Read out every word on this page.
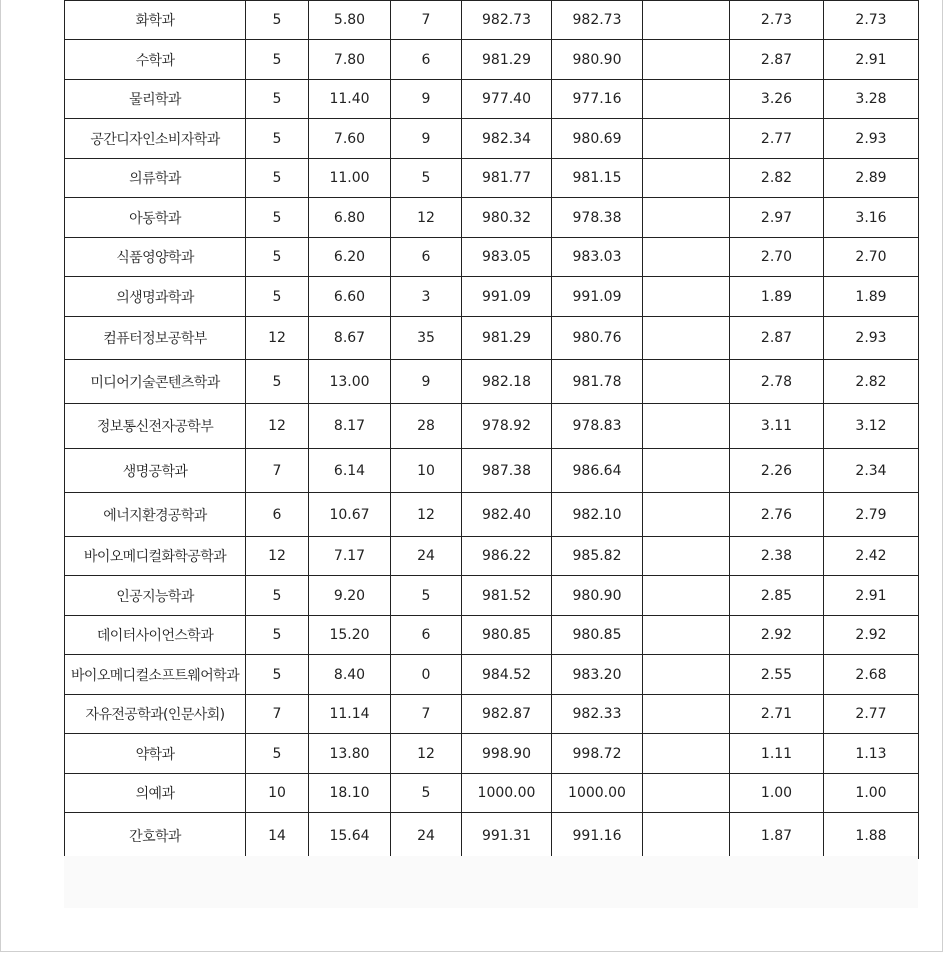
화학과	5	5.80	7	982.73	982.73		2.73	2.73
수학과	5	7.80	6	981.29	980.90		2.87	2.91
물리학과	5	11.40	9	977.40	977.16		3.26	3.28
공간디자인소비자학과	5	7.60	9	982.34	980.69		2.77	2.93
의류학과	5	11.00	5	981.77	981.15		2.82	2.89
아동학과	5	6.80	12	980.32	978.38		2.97	3.16
식품영양학과	5	6.20	6	983.05	983.03		2.70	2.70
의생명과학과	5	6.60	3	991.09	991.09		1.89	1.89
컴퓨터정보공학부	12	8.67	35	981.29	980.76		2.87	2.93
미디어기술콘텐츠학과	5	13.00	9	982.18	981.78		2.78	2.82
정보통신전자공학부	12	8.17	28	978.92	978.83		3.11	3.12
생명공학과	7	6.14	10	987.38	986.64		2.26	2.34
에너지환경공학과	6	10.67	12	982.40	982.10		2.76	2.79
바이오메디컬화학공학과	12	7.17	24	986.22	985.82		2.38	2.42
인공지능학과	5	9.20	5	981.52	980.90		2.85	2.91
데이터사이언스학과	5	15.20	6	980.85	980.85		2.92	2.92
바이오메디컬소프트웨어학과	5	8.40	0	984.52	983.20		2.55	2.68
자유전공학과(인문사회)	7	11.14	7	982.87	982.33		2.71	2.77
약학과	5	13.80	12	998.90	998.72		1.11	1.13
의예과	10	18.10	5	1000.00	1000.00		1.00	1.00
간호학과	14	15.64	24	991.31	991.16		1.87	1.88
